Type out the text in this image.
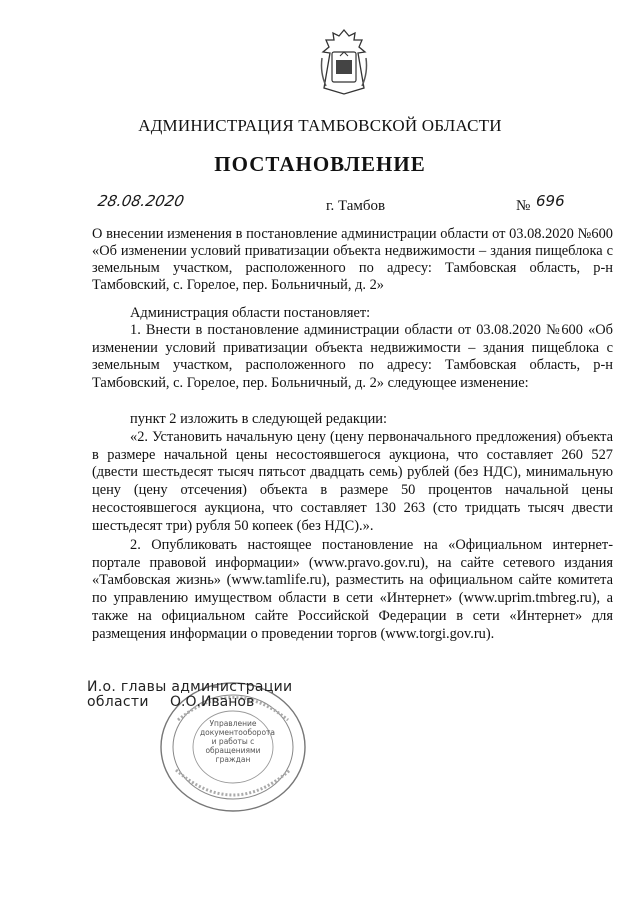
АДМИНИСТРАЦИЯ ТАМБОВСКОЙ ОБЛАСТИ
ПОСТАНОВЛЕНИЕ
28.08.2020	г. Тамбов	№ 696
О внесении изменения в постановление администрации области от 03.08.2020 №600 «Об изменении условий приватизации объекта недвижимости – здания пищеблока с земельным участком, расположенного по адресу: Тамбовская область, р-н Тамбовский, с. Горелое, пер. Больничный, д. 2»
Администрация области постановляет:
1. Внести в постановление администрации области от 03.08.2020 №600 «Об изменении условий приватизации объекта недвижимости – здания пищеблока с земельным участком, расположенного по адресу: Тамбовская область, р-н Тамбовский, с. Горелое, пер. Больничный, д. 2» следующее изменение:
пункт 2 изложить в следующей редакции:
«2. Установить начальную цену (цену первоначального предложения) объекта в размере начальной цены несостоявшегося аукциона, что составляет 260 527 (двести шестьдесят тысяч пятьсот двадцать семь) рублей (без НДС), минимальную цену (цену отсечения) объекта в размере 50 процентов начальной цены несостоявшегося аукциона, что составляет 130 263 (сто тридцать тысяч двести шестьдесят три) рубля 50 копеек (без НДС).».
2. Опубликовать настоящее постановление на «Официальном интернет-портале правовой информации» (www.pravo.gov.ru), на сайте сетевого издания «Тамбовская жизнь» (www.tamlife.ru), разместить на официальном сайте комитета по управлению имуществом области в сети «Интернет» (www.uprim.tmbreg.ru), а также на официальном сайте Российской Федерации в сети «Интернет» для размещения информации о проведении торгов (www.torgi.gov.ru).
Управление документооборота и работы с обращениями граждан
И.о. главы администрации
области О.О.Иванов
